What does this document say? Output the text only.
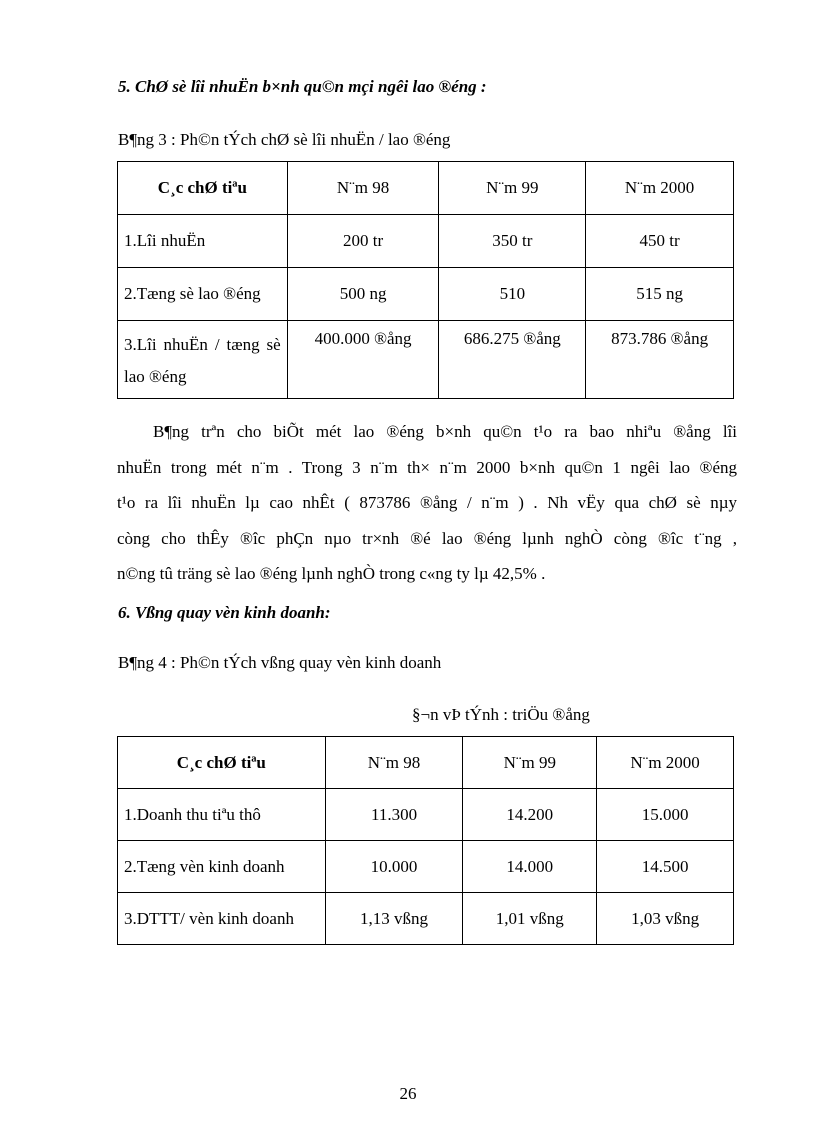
5. ChØ sè lîi nhuËn b×nh qu©n mçi ngêi lao ®éng :
B¶ng 3 : Ph©n tÝch chØ sè lîi nhuËn / lao ®éng
C¸c chØ tiªu	N¨m 98	N¨m 99	N¨m 2000
1.Lîi nhuËn	200 tr	350 tr	450 tr
2.Tæng sè lao ®éng	500 ng	510	515 ng
3.Lîi nhuËn / tæng sè lao ®éng	400.000 ®ång	686.275 ®ång	873.786 ®ång
B¶ng trªn cho biÕt mét lao ®éng b×nh qu©n t¹o ra bao nhiªu ®ång lîi
nhuËn trong mét n¨m . Trong 3 n¨m th× n¨m 2000 b×nh qu©n 1 ngêi lao ®éng
t¹o ra lîi nhuËn lµ cao nhÊt ( 873786 ®ång / n¨m ) . Nh vËy qua chØ sè nµy
còng cho thÊy ®îc phÇn nµo tr×nh ®é lao ®éng lµnh nghÒ còng ®îc t¨ng ,
n©ng tû träng sè lao ®éng lµnh nghÒ trong c«ng ty lµ 42,5% .
6. Vßng quay vèn kinh doanh:
B¶ng 4 : Ph©n tÝch vßng quay vèn kinh doanh
§¬n vÞ tÝnh : triÖu ®ång
C¸c chØ tiªu	N¨m 98	N¨m 99	N¨m 2000
1.Doanh thu tiªu thô	11.300	14.200	15.000
2.Tæng vèn kinh doanh	10.000	14.000	14.500
3.DTTT/ vèn kinh doanh	1,13 vßng	1,01 vßng	1,03 vßng
26
